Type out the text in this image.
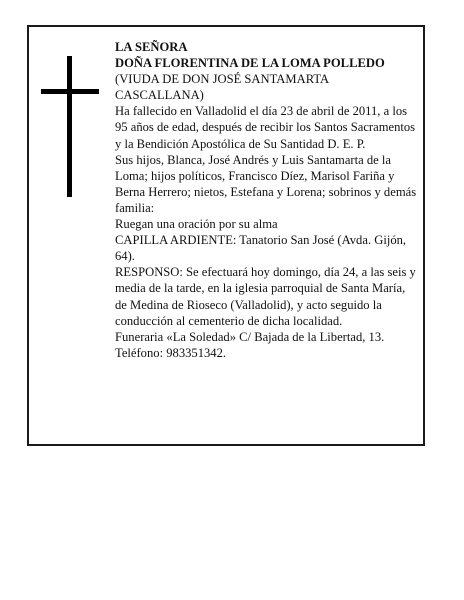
LA SEÑORA

DOÑA FLORENTINA DE LA LOMA POLLEDO

(VIUDA DE DON JOSÉ SANTAMARTA CASCALLANA)

Ha fallecido en Valladolid el día 23 de abril de 2011, a los 95 años de edad, después de recibir los Santos Sacramentos y la Bendición Apostólica de Su Santidad D. E. P.

Sus hijos, Blanca, José Andrés y Luis Santamarta de la Loma; hijos políticos, Francisco Díez, Marisol Fariña y Berna Herrero; nietos, Estefana y Lorena; sobrinos y demás familia:

Ruegan una oración por su alma

CAPILLA ARDIENTE: Tanatorio San José (Avda. Gijón, 64).

RESPONSO: Se efectuará hoy domingo, día 24, a las seis y media de la tarde, en la iglesia parroquial de Santa María, de Medina de Rioseco (Valladolid), y acto seguido la conducción al cementerio de dicha localidad.

Funeraria «La Soledad» C/ Bajada de la Libertad, 13. Teléfono: 983351342.
